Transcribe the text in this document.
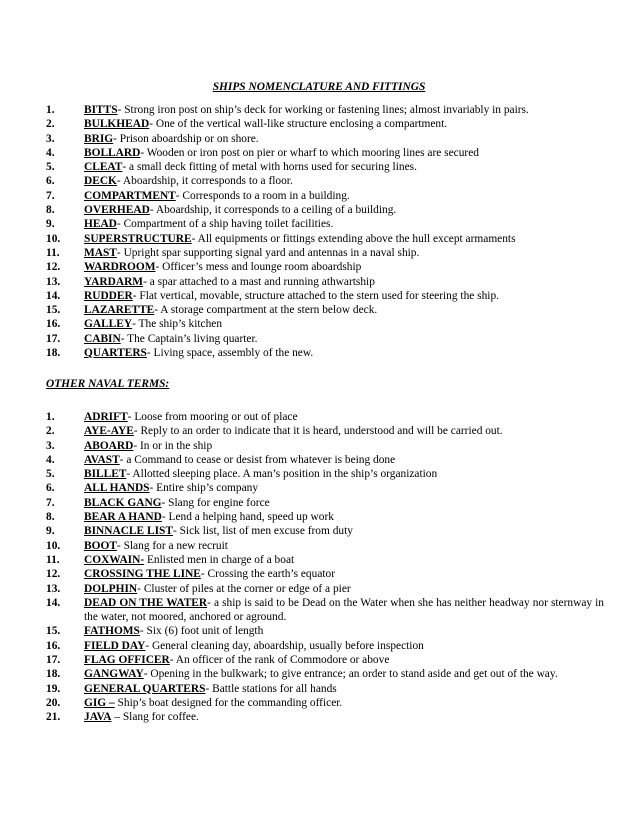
SHIPS NOMENCLATURE AND FITTINGS
1.	BITTS- Strong iron post on ship’s deck for working or fastening lines; almost invariably in pairs.
2.	BULKHEAD- One of the vertical wall-like structure enclosing a compartment.
3.	BRIG- Prison aboardship or on shore.
4.	BOLLARD- Wooden or iron post on pier or wharf to which mooring lines are secured
5.	CLEAT- a small deck fitting of metal with horns used for securing lines.
6.	DECK- Aboardship, it corresponds to a floor.
7.	COMPARTMENT- Corresponds to a room in a building.
8.	OVERHEAD- Aboardship, it corresponds to a ceiling of a building.
9.	HEAD- Compartment of a ship having toilet facilities.
10. SUPERSTRUCTURE- All equipments or fittings extending above the hull except armaments
11. MAST- Upright spar supporting signal yard and antennas in a naval ship.
12. WARDROOM- Officer’s mess and lounge room aboardship
13. YARDARM- a spar attached to a mast and running athwartship
14. RUDDER- Flat vertical, movable, structure attached to the stern used for steering the ship.
15. LAZARETTE- A storage compartment at the stern below deck.
16. GALLEY- The ship’s kitchen
17. CABIN- The Captain’s living quarter.
18. QUARTERS- Living space, assembly of the new.
OTHER NAVAL TERMS:
1.	ADRIFT- Loose from mooring or out of place
2.	AYE-AYE- Reply to an order to indicate that it is heard, understood and will be carried out.
3.	ABOARD- In or in the ship
4.	AVAST- a Command to cease or desist from whatever is being done
5.	BILLET- Allotted sleeping place. A man’s position in the ship’s organization
6.	ALL HANDS- Entire ship’s company
7.	BLACK GANG- Slang for engine force
8.	BEAR A HAND- Lend a helping hand, speed up work
9.	BINNACLE LIST- Sick list, list of men excuse from duty
10. BOOT- Slang for a new recruit
11. COXWAIN- Enlisted men in charge of a boat
12. CROSSING THE LINE- Crossing the earth’s equator
13. DOLPHIN- Cluster of piles at the corner or edge of a pier
14. DEAD ON THE WATER- a ship is said to be Dead on the Water when she has neither headway nor sternway in the water, not moored, anchored or aground.
15. FATHOMS- Six (6) foot unit of length
16. FIELD DAY- General cleaning day, aboardship, usually before inspection
17. FLAG OFFICER- An officer of the rank of Commodore or above
18. GANGWAY- Opening in the bulkwark; to give entrance; an order to stand aside and get out of the way.
19. GENERAL QUARTERS- Battle stations for all hands
20. GIG – Ship’s boat designed for the commanding officer.
21. JAVA – Slang for coffee.
